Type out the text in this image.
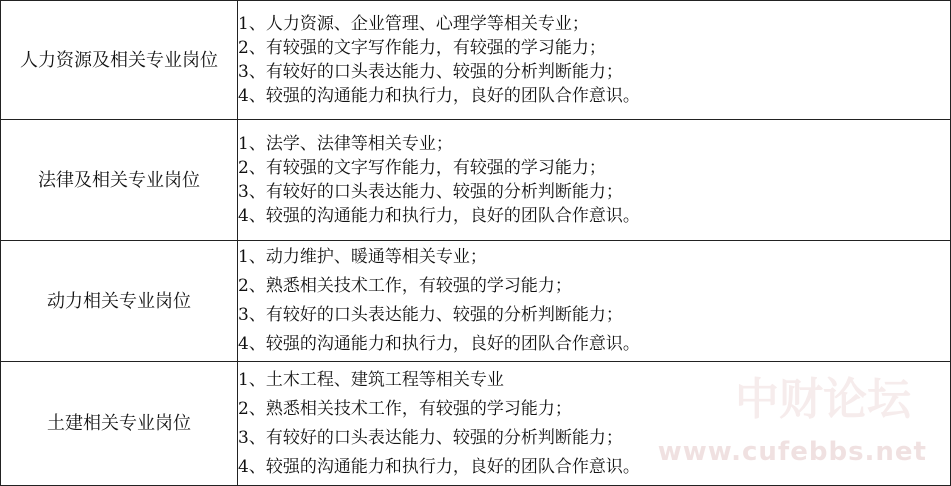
人力资源及相关专业岗位	1、人力资源、企业管理、心理学等相关专业；
2、有较强的文字写作能力，有较强的学习能力；
3、有较好的口头表达能力、较强的分析判断能力；
4、较强的沟通能力和执行力，良好的团队合作意识。

法律及相关专业岗位	1、法学、法律等相关专业；
2、有较强的文字写作能力，有较强的学习能力；
3、有较好的口头表达能力、较强的分析判断能力；
4、较强的沟通能力和执行力，良好的团队合作意识。

动力相关专业岗位	1、动力维护、暖通等相关专业；
2、熟悉相关技术工作，有较强的学习能力；
3、有较好的口头表达能力、较强的分析判断能力；
4、较强的沟通能力和执行力，良好的团队合作意识。

土建相关专业岗位	1、土木工程、建筑工程等相关专业
2、熟悉相关技术工作，有较强的学习能力；
3、有较好的口头表达能力、较强的分析判断能力；
4、较强的沟通能力和执行力，良好的团队合作意识。
中财论坛
www.cufebbs.net
